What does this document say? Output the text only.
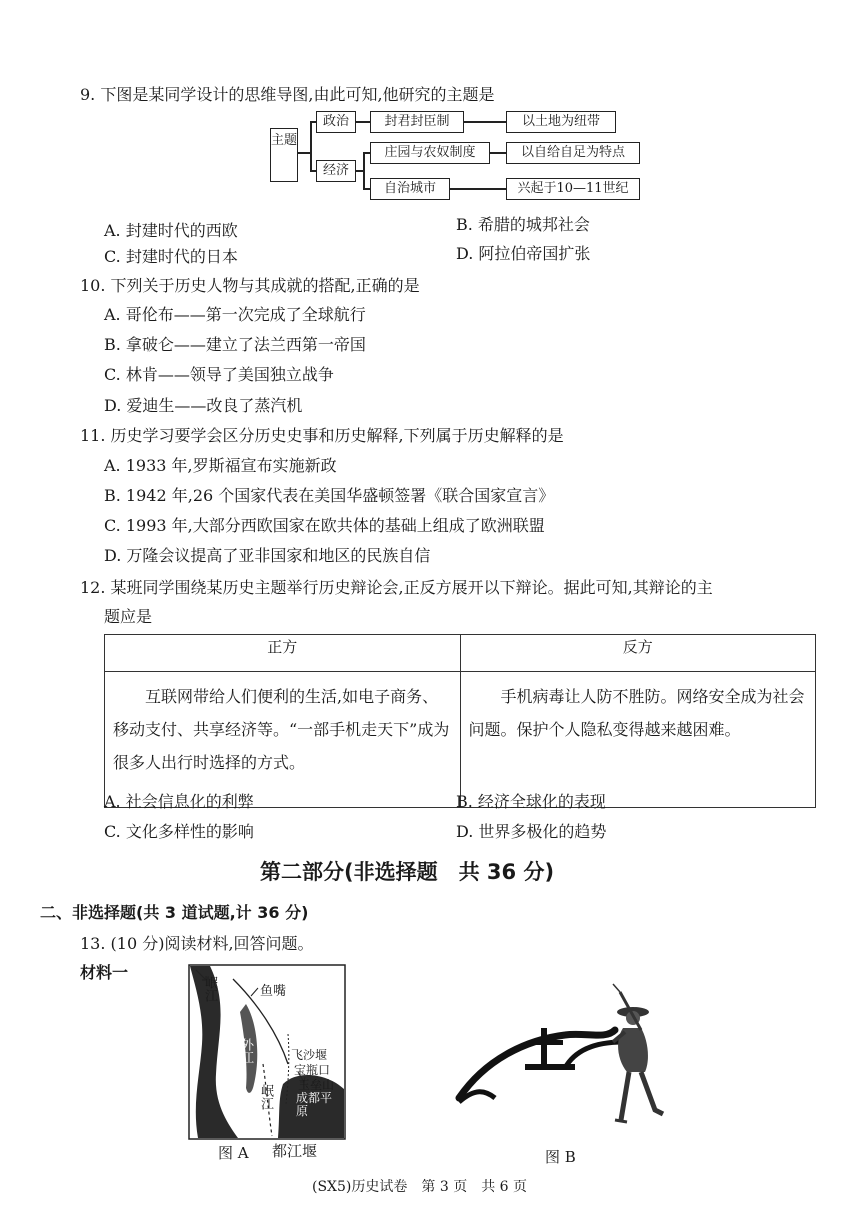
9. 下图是某同学设计的思维导图,由此可知,他研究的主题是
主题
政治
经济
封君封臣制	以土地为纽带
庄园与农奴制度	以自给自足为特点
自治城市	兴起于10—11世纪
A. 封建时代的西欧	B. 希腊的城邦社会
C. 封建时代的日本	D. 阿拉伯帝国扩张
10. 下列关于历史人物与其成就的搭配,正确的是
A. 哥伦布——第一次完成了全球航行
B. 拿破仑——建立了法兰西第一帝国
C. 林肯——领导了美国独立战争
D. 爱迪生——改良了蒸汽机
11. 历史学习要学会区分历史史事和历史解释,下列属于历史解释的是
A. 1933 年,罗斯福宣布实施新政
B. 1942 年,26 个国家代表在美国华盛顿签署《联合国家宣言》
C. 1993 年,大部分西欧国家在欧共体的基础上组成了欧洲联盟
D. 万隆会议提高了亚非国家和地区的民族自信
12. 某班同学围绕某历史主题举行历史辩论会,正反方展开以下辩论。据此可知,其辩论的主
题应是
正方	反方
互联网带给人们便利的生活,如电子商务、移动支付、共享经济等。“一部手机走天下”成为很多人出行时选择的方式。	手机病毒让人防不胜防。网络安全成为社会问题。保护个人隐私变得越来越困难。
A. 社会信息化的利弊	B. 经济全球化的表现
C. 文化多样性的影响	D. 世界多极化的趋势
第二部分(非选择题　共 36 分)
二、非选择题(共 3 道试题,计 36 分)
13. (10 分)阅读材料,回答问题。
材料一
岷江	鱼嘴
外江	飞沙堰
宝瓶口
玉垒山
成都平原
岷江
图 A 都江堰	图 B
(SX5)历史试卷　第 3 页　共 6 页
